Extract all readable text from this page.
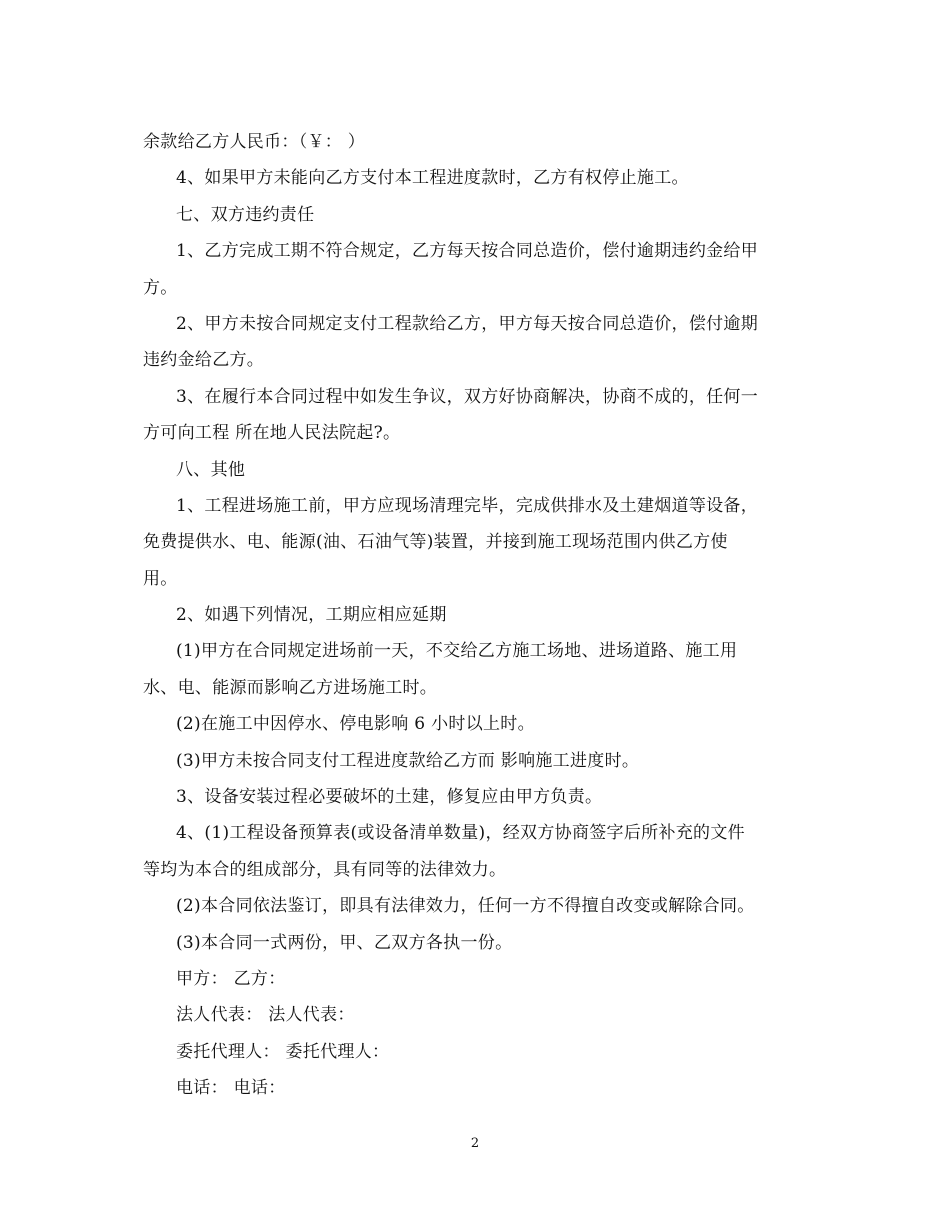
余款给乙方人民币：（￥： ）
4、如果甲方未能向乙方支付本工程进度款时，乙方有权停止施工。
七、双方违约责任
1、乙方完成工期不符合规定，乙方每天按合同总造价，偿付逾期违约金给甲
方。
2、甲方未按合同规定支付工程款给乙方，甲方每天按合同总造价，偿付逾期
违约金给乙方。
3、在履行本合同过程中如发生争议，双方好协商解决，协商不成的，任何一
方可向工程 所在地人民法院起?。
八、其他
1、工程进场施工前，甲方应现场清理完毕，完成供排水及土建烟道等设备，
免费提供水、电、能源(油、石油气等)装置，并接到施工现场范围内供乙方使
用。
2、如遇下列情况，工期应相应延期
(1)甲方在合同规定进场前一天，不交给乙方施工场地、进场道路、施工用
水、电、能源而影响乙方进场施工时。
(2)在施工中因停水、停电影响 6 小时以上时。
(3)甲方未按合同支付工程进度款给乙方而 影响施工进度时。
3、设备安装过程必要破坏的土建，修复应由甲方负责。
4、(1)工程设备预算表(或设备清单数量)，经双方协商签字后所补充的文件
等均为本合的组成部分，具有同等的法律效力。
(2)本合同依法鉴订，即具有法律效力，任何一方不得擅自改变或解除合同。
(3)本合同一式两份，甲、乙双方各执一份。
甲方： 乙方：
法人代表： 法人代表：
委托代理人： 委托代理人：
电话： 电话：
2
